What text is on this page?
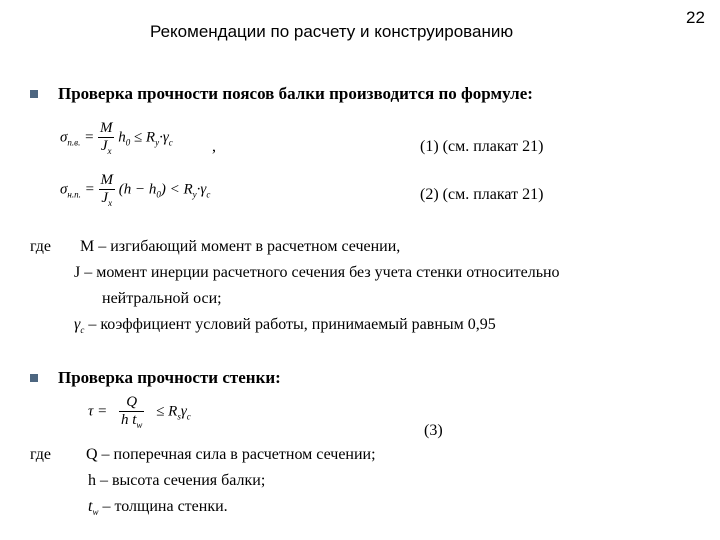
Рекомендации по расчету и конструированию
22
Проверка прочности поясов балки производится по формуле:
$\sigma_{п.в.} = \frac{M}{J_x} h_0 \le R_y\cdot\gamma_c$ ,	(1) (см. плакат 21)
$\sigma_{н.п.} = \frac{M}{J_x} (h - h_0) < R_y\cdot\gamma_c$	(2) (см. плакат 21)
где M – изгибающий момент в расчетном сечении,
J – момент инерции расчетного сечения без учета стенки относительно
нейтральной оси;
$\gamma_c$ – коэффициент условий работы, принимаемый равным 0,95
Проверка прочности стенки:
$\tau = \frac{Q}{h t_w} \le R_s\gamma_c$
(3)
где Q – поперечная сила в расчетном сечении;
h – высота сечения балки;
$t_w$ – толщина стенки.
